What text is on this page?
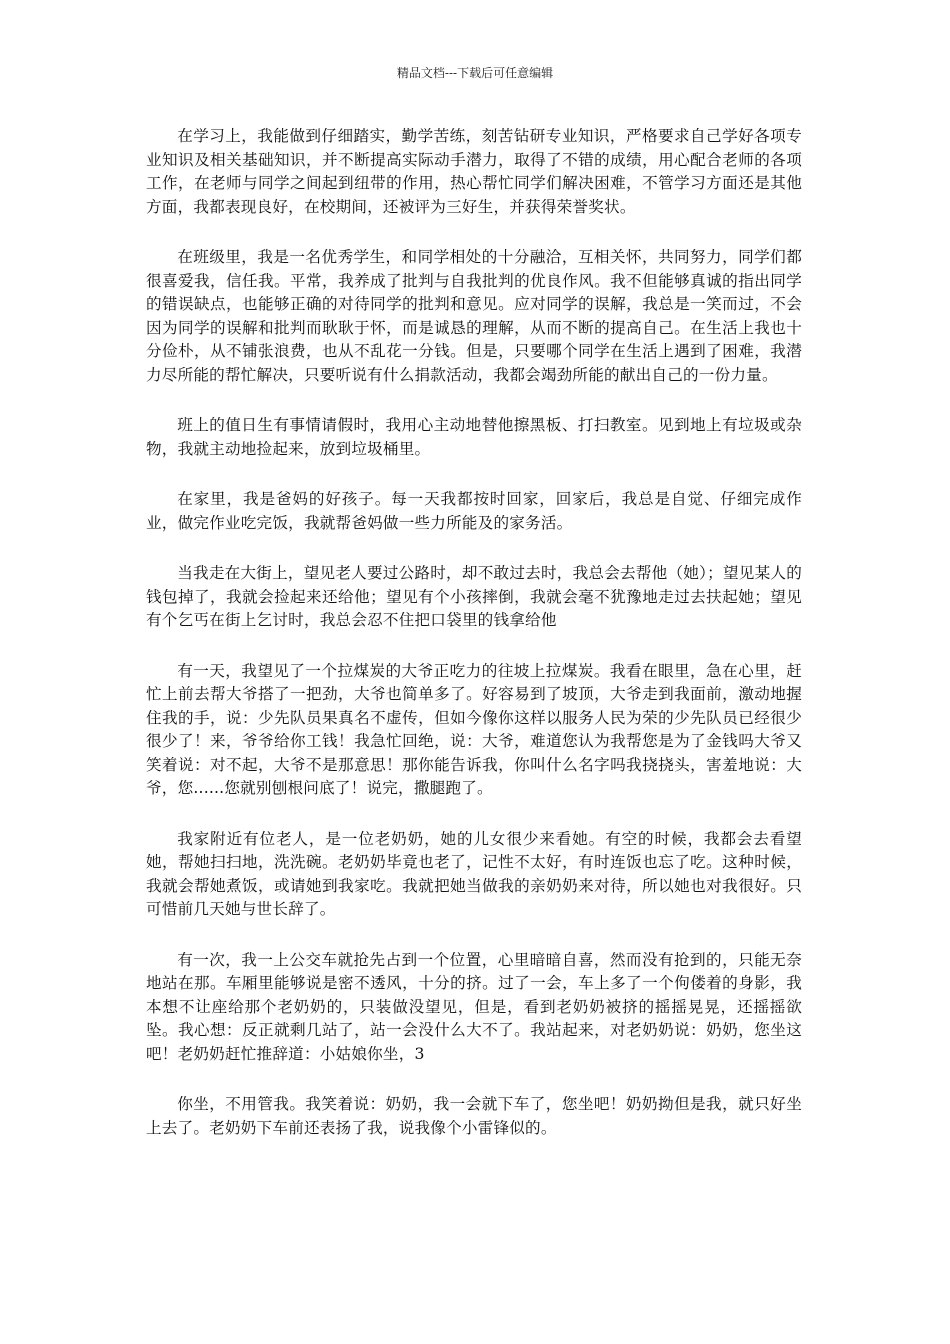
精品文档---下载后可任意编辑

在学习上，我能做到仔细踏实，勤学苦练，刻苦钻研专业知识，严格要求自己学好各项专业知识及相关基础知识，并不断提高实际动手潜力，取得了不错的成绩，用心配合老师的各项工作，在老师与同学之间起到纽带的作用，热心帮忙同学们解决困难，不管学习方面还是其他方面，我都表现良好，在校期间，还被评为三好生，并获得荣誉奖状。

在班级里，我是一名优秀学生，和同学相处的十分融洽，互相关怀，共同努力，同学们都很喜爱我，信任我。平常，我养成了批判与自我批判的优良作风。我不但能够真诚的指出同学的错误缺点，也能够正确的对待同学的批判和意见。应对同学的误解，我总是一笑而过，不会因为同学的误解和批判而耿耿于怀，而是诚恳的理解，从而不断的提高自己。在生活上我也十分俭朴，从不铺张浪费，也从不乱花一分钱。但是，只要哪个同学在生活上遇到了困难，我潜力尽所能的帮忙解决，只要听说有什么捐款活动，我都会竭劲所能的献出自己的一份力量。

班上的值日生有事情请假时，我用心主动地替他擦黑板、打扫教室。见到地上有垃圾或杂物，我就主动地捡起来，放到垃圾桶里。

在家里，我是爸妈的好孩子。每一天我都按时回家，回家后，我总是自觉、仔细完成作业，做完作业吃完饭，我就帮爸妈做一些力所能及的家务活。

当我走在大街上，望见老人要过公路时，却不敢过去时，我总会去帮他（她）；望见某人的钱包掉了，我就会捡起来还给他；望见有个小孩摔倒，我就会毫不犹豫地走过去扶起她；望见有个乞丐在街上乞讨时，我总会忍不住把口袋里的钱拿给他

有一天，我望见了一个拉煤炭的大爷正吃力的往坡上拉煤炭。我看在眼里，急在心里，赶忙上前去帮大爷搭了一把劲，大爷也简单多了。好容易到了坡顶，大爷走到我面前，激动地握住我的手，说：少先队员果真名不虚传，但如今像你这样以服务人民为荣的少先队员已经很少很少了！来，爷爷给你工钱！我急忙回绝，说：大爷，难道您认为我帮您是为了金钱吗大爷又笑着说：对不起，大爷不是那意思！那你能告诉我，你叫什么名字吗我挠挠头，害羞地说：大爷，您......您就别刨根问底了！说完，撒腿跑了。

我家附近有位老人，是一位老奶奶，她的儿女很少来看她。有空的时候，我都会去看望她，帮她扫扫地，洗洗碗。老奶奶毕竟也老了，记性不太好，有时连饭也忘了吃。这种时候，我就会帮她煮饭，或请她到我家吃。我就把她当做我的亲奶奶来对待，所以她也对我很好。只可惜前几天她与世长辞了。

有一次，我一上公交车就抢先占到一个位置，心里暗暗自喜，然而没有抢到的，只能无奈地站在那。车厢里能够说是密不透风，十分的挤。过了一会，车上多了一个佝偻着的身影，我本想不让座给那个老奶奶的，只装做没望见，但是，看到老奶奶被挤的摇摇晃晃，还摇摇欲坠。我心想：反正就剩几站了，站一会没什么大不了。我站起来，对老奶奶说：奶奶，您坐这吧！老奶奶赶忙推辞道：小姑娘你坐，3

你坐，不用管我。我笑着说：奶奶，我一会就下车了，您坐吧！奶奶拗但是我，就只好坐上去了。老奶奶下车前还表扬了我，说我像个小雷锋似的。
